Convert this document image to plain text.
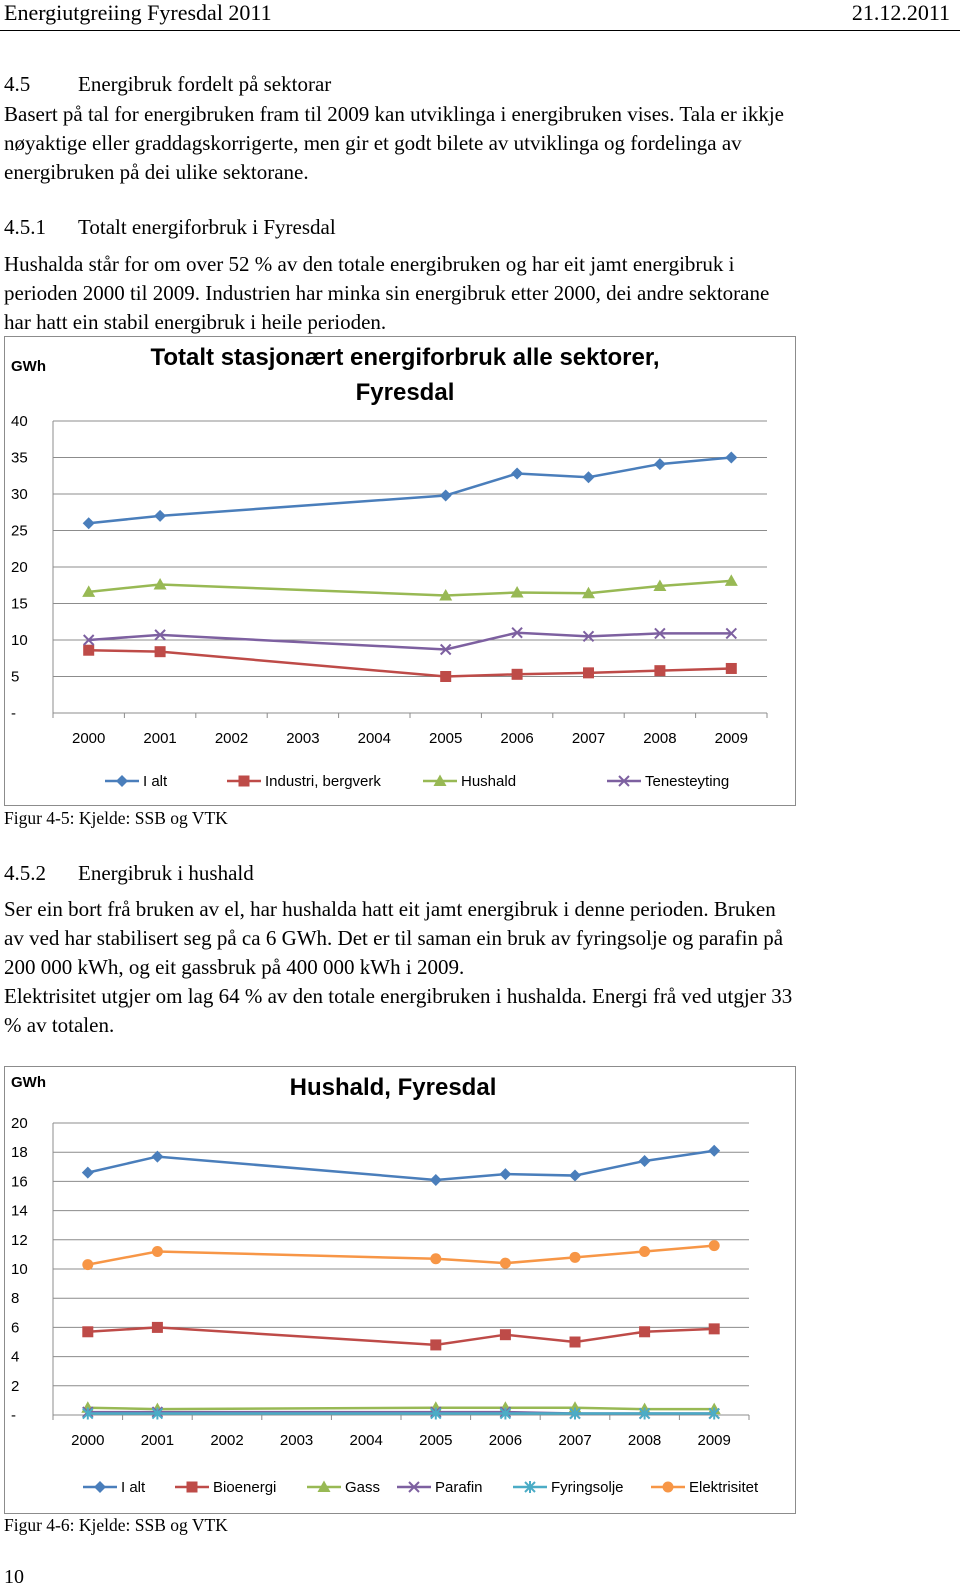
Energiutgreiing Fyresdal 2011	21.12.2011
4.5 Energibruk fordelt på sektorar
Basert på tal for energibruken fram til 2009 kan utviklinga i energibruken vises. Tala er ikkje
nøyaktige eller graddagskorrigerte, men gir et godt bilete av utviklinga og fordelinga av
energibruken på dei ulike sektorane.
4.5.1 Totalt energiforbruk i Fyresdal
Hushalda står for om over 52 % av den totale energibruken og har eit jamt energibruk i
perioden 2000 til 2009. Industrien har minka sin energibruk etter 2000, dei andre sektorane
har hatt ein stabil energibruk i heile perioden.
Totalt stasjonært energiforbruk alle sektorer,
Fyresdal
GWh
-
5
10
15
20
25
30
35
40
2000	2001	2002	2003	2004	2005	2006	2007	2008	2009
I alt	Industri, bergverk	Hushald	Tenesteyting
Figur 4-5: Kjelde: SSB og VTK
4.5.2 Energibruk i hushald
Ser ein bort frå bruken av el, har hushalda hatt eit jamt energibruk i denne perioden. Bruken
av ved har stabilisert seg på ca 6 GWh. Det er til saman ein bruk av fyringsolje og parafin på
200 000 kWh, og eit gassbruk på 400 000 kWh i 2009.
Elektrisitet utgjer om lag 64 % av den totale energibruken i hushalda. Energi frå ved utgjer 33
% av totalen.
Hushald, Fyresdal
GWh
-
2
4
6
8
10
12
14
16
18
20
2000 2001 2002 2003 2004 2005 2006 2007 2008 2009
I alt	Bioenergi	Gass	Parafin	Fyringsolje	Elektrisitet
Figur 4-6: Kjelde: SSB og VTK
10
